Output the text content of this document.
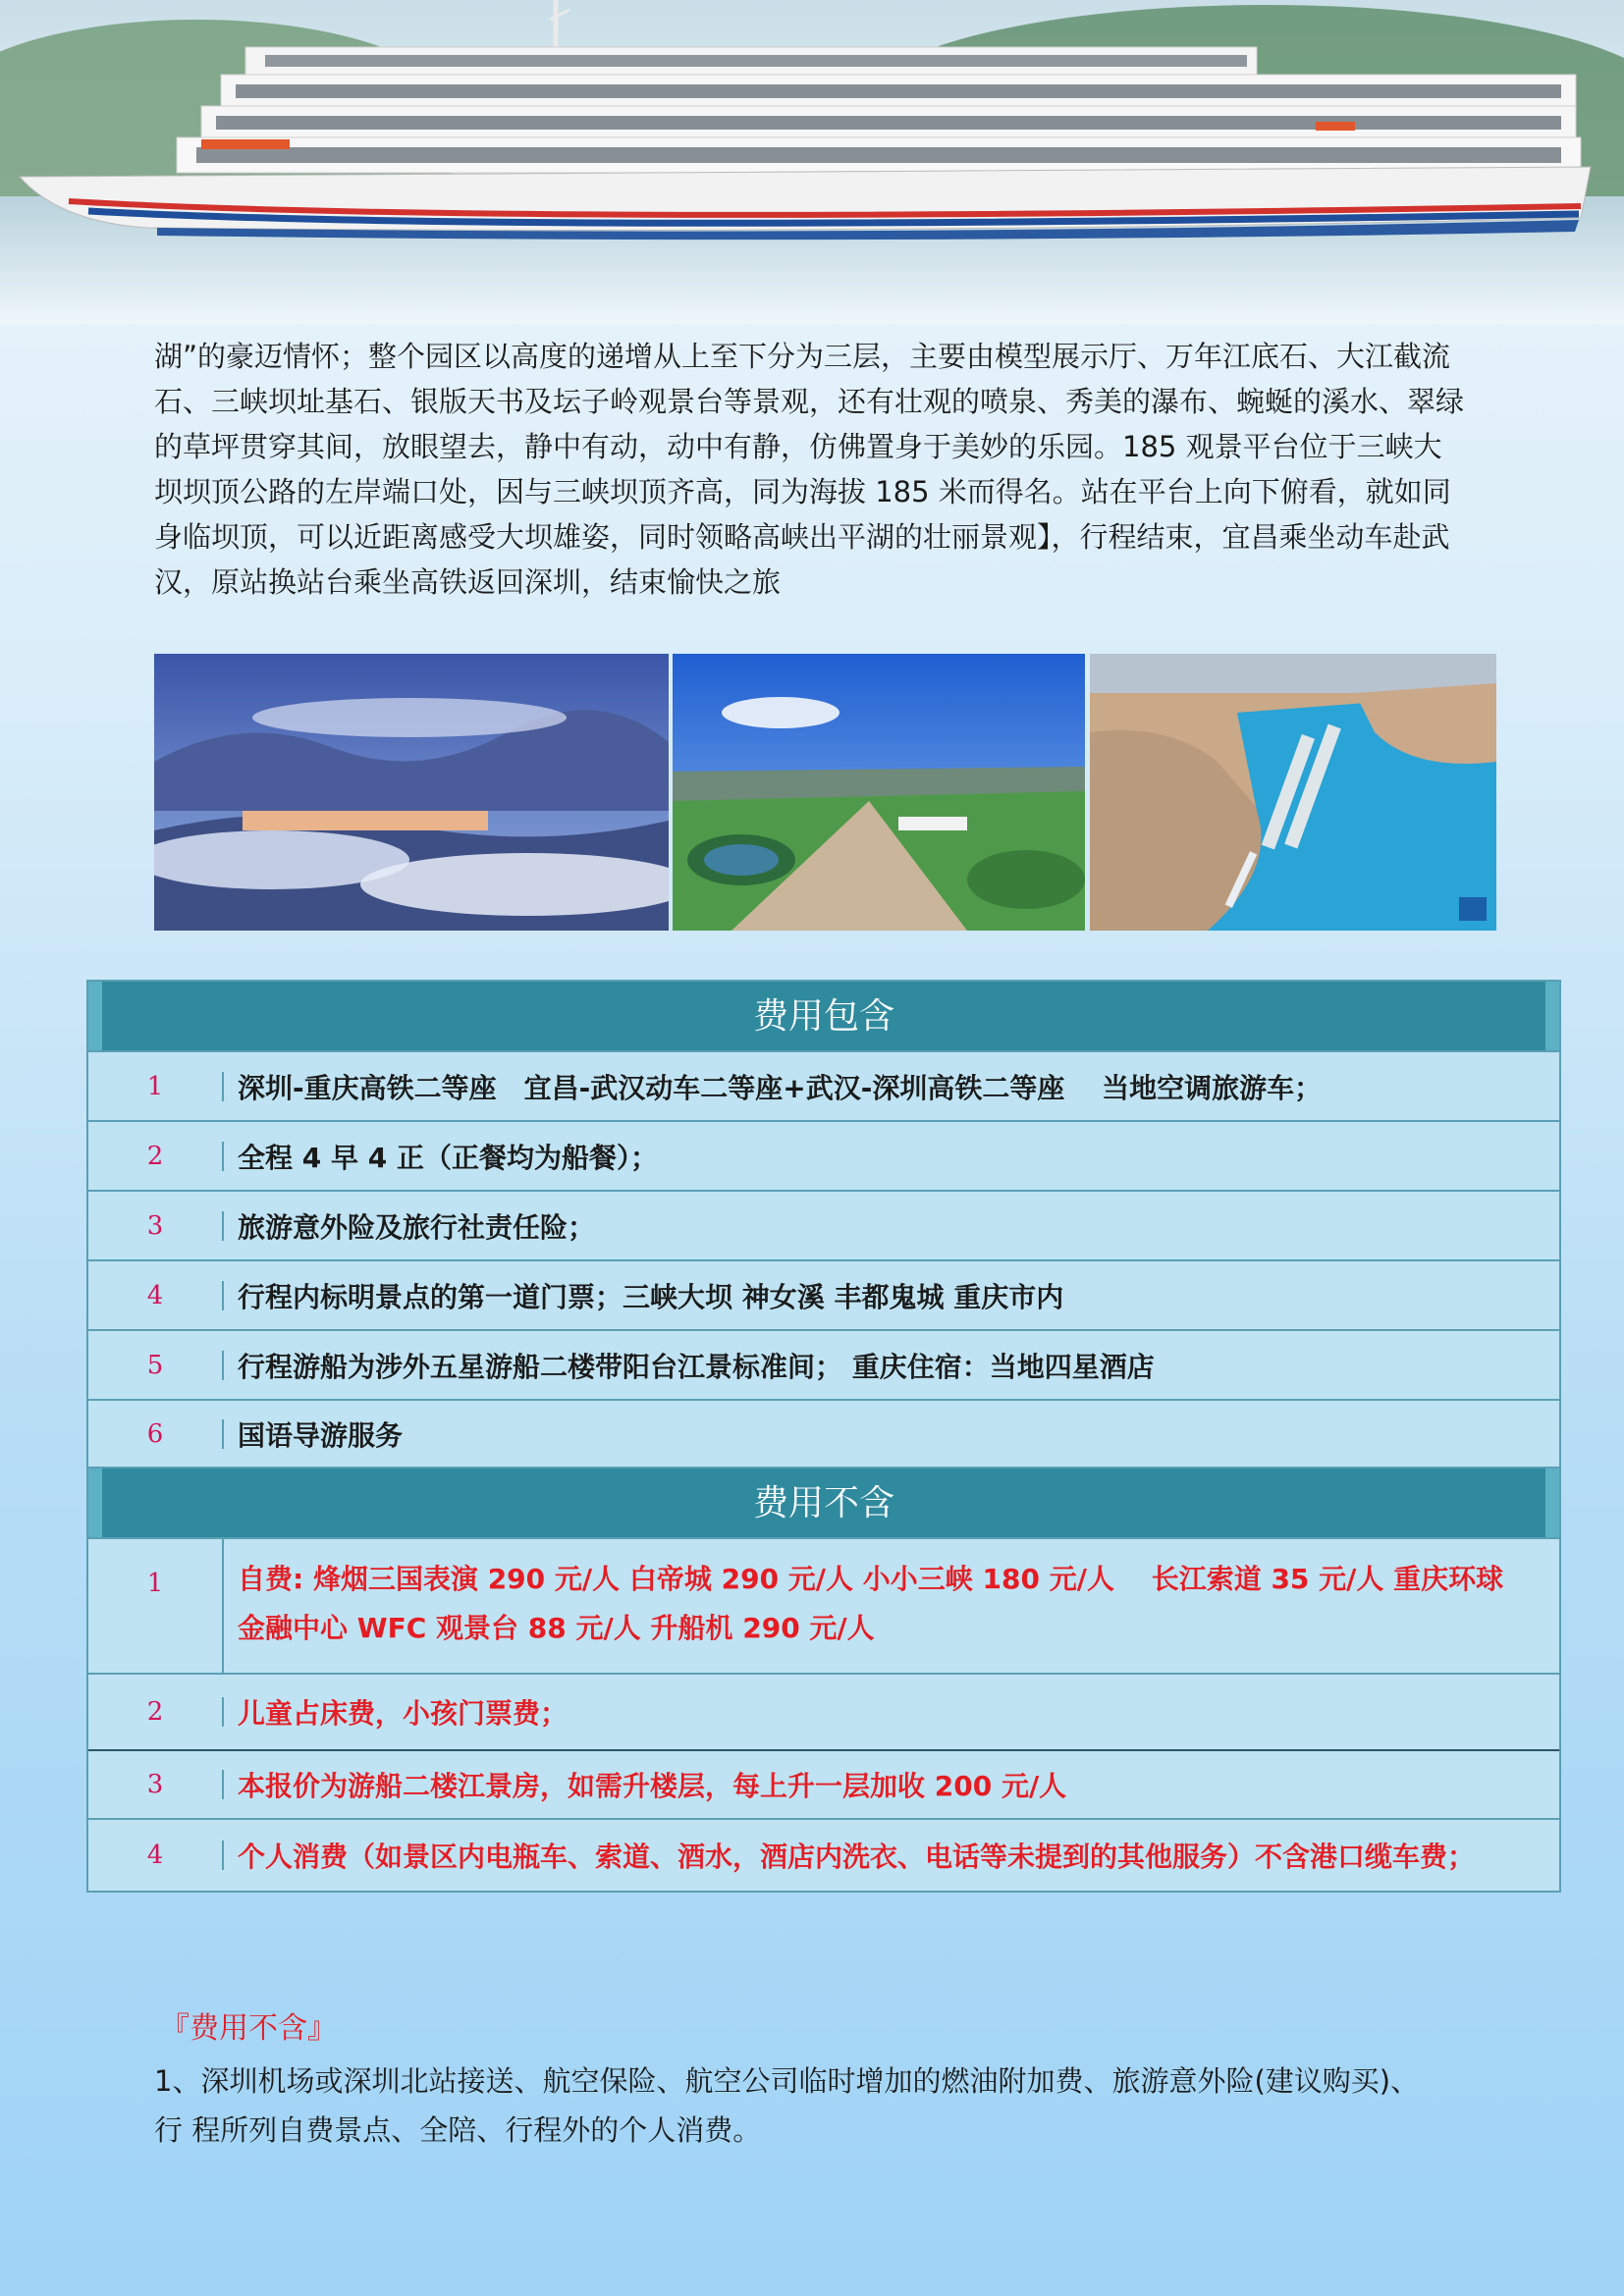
湖”的豪迈情怀；整个园区以高度的递增从上至下分为三层，主要由模型展示厅、万年江底石、大江截流石、三峡坝址基石、银版天书及坛子岭观景台等景观，还有壮观的喷泉、秀美的瀑布、蜿蜒的溪水、翠绿的草坪贯穿其间，放眼望去，静中有动，动中有静，仿佛置身于美妙的乐园。185 观景平台位于三峡大坝坝顶公路的左岸端口处，因与三峡坝顶齐高，同为海拔 185 米而得名。站在平台上向下俯看，就如同身临坝顶，可以近距离感受大坝雄姿，同时领略高峡出平湖的壮丽景观】，行程结束，宜昌乘坐动车赴武汉，原站换站台乘坐高铁返回深圳，结束愉快之旅

费用包含
1	深圳-重庆高铁二等座　宜昌-武汉动车二等座+武汉-深圳高铁二等座　 当地空调旅游车；
2	全程 4 早 4 正（正餐均为船餐）；
3	旅游意外险及旅行社责任险；
4	行程内标明景点的第一道门票；三峡大坝 神女溪 丰都鬼城 重庆市内
5	行程游船为涉外五星游船二楼带阳台江景标准间； 重庆住宿：当地四星酒店
6	国语导游服务
费用不含
1	自费: 烽烟三国表演 290 元/人 白帝城 290 元/人 小小三峡 180 元/人　 长江索道 35 元/人 重庆环球
金融中心 WFC 观景台 88 元/人 升船机 290 元/人
2	儿童占床费，小孩门票费；
3	本报价为游船二楼江景房，如需升楼层，每上升一层加收 200 元/人
4	个人消费（如景区内电瓶车、索道、酒水，酒店内洗衣、电话等未提到的其他服务）不含港口缆车费；
『费用不含』
1、深圳机场或深圳北站接送、航空保险、航空公司临时增加的燃油附加费、旅游意外险(建议购买)、
行 程所列自费景点、全陪、行程外的个人消费。
